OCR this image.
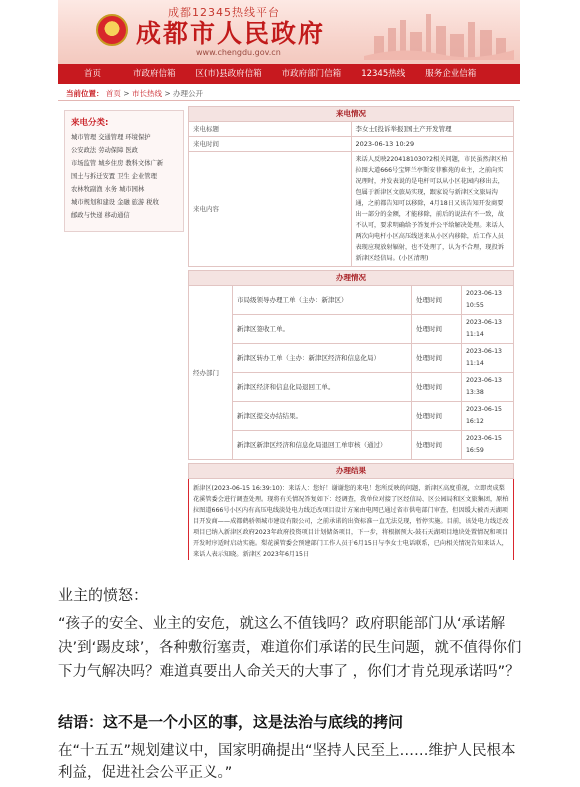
成都12345热线平台
成都市人民政府
www.chengdu.gov.cn
首页	市政府信箱	区(市)县政府信箱	市政府部门信箱	12345热线	服务企业信箱
当前位置： 首页 > 市长热线 > 办理公开
来电分类:
城市管理 交通管理 环境保护
公安政法 劳动保障 医政
市场监管 城乡住房 教科文体广新
国土与拆迁安置 卫生 企业管理
农林牧副渔 水务 城市园林
城市规划和建设 金融 旅游 税收
邮政与快递 移动通信
来电情况	
来电标题	李女士[投诉举报]国土产开发管理
来电时间	2023-06-13 10:29
来电内容	来话人反映2204181030?2相关问题，市民虽然津区柏拉图大道666号宝辉兰亭斯安菲雅苑的业主，之前向实况理时，并发表说的是电杆可以从小区花园内移出去，包属于新津区文旅局实现，跟家说与新津区文旅局沟通，之前都告知可以移除，4月18日又该告知开发商要出一部分的金额，才能移除，前后的说法有不一致，故不认可，要求明确给予答复并公平给解决处理。来话人两次向电杆小区高压线送来从小区内移除，后工作人员表现应现放射辐射，也不处理了，认为不合理，现投诉新津区经信局。(小区清理)
办理情况			
经办部门	市局级领导办理工单（主办：新津区）	处理时间	2023-06-13
10:55
	新津区签收工单。	处理时间	2023-06-13
11:14
	新津区转办工单（主办：新津区经济和信息化局）	处理时间	2023-06-13
11:14
	新津区经济和信息化局退回工单。	处理时间	2023-06-13
13:38
	新津区提交办结结果。	处理时间	2023-06-15
16:12
	新津区新津区经济和信息化局退回工单审核（通过）	处理时间	2023-06-15
16:59
办理结果
新津区(2023-06-15 16:39:10)：来话人：您好！谢谢您的来电！您所反映的问题，新津区高度重视，立即责成梨花溪管委会进行调查处理。现将有关情况答复如下：经调查，我单位对接了区经信局、区公园局和区文旅集团，原柏拉图道666号小区内有高压电线淡处电力线迁改项目设计方案由电网已通过省市供电部门审查，但因缓大被否天湖项目开发商——成都鹤骄领城市建设有限公司，之前承诺的出资标准一直无法兑现，暂停实施。目前，该处电力线迁改项目已纳入新津区政府2023年政府投资项目计划储备项目，下一步，将根据预大-鼓石天湖项目地块处置情况和项目开发时序适时启动实施。梨花溪管委会预建部门工作人员于6月15日与李女士电话联系，已向相关情况告知来话人，来话人表示知晓。新津区 2023年6月15日
业主的愤怒：
“孩子的安全、业主的安危，就这么不值钱吗？政府职能部门从‘承诺解决’到‘踢皮球’，各种敷衍塞责，难道你们承诺的民生问题，就不值得你们下力气解决吗？难道真要出人命关天的大事了 ，你们才肯兑现承诺吗”？
结语：这不是一个小区的事，这是法治与底线的拷问
在“十五五”规划建议中，国家明确提出“坚持人民至上……维护人民根本利益，促进社会公平正义。”
